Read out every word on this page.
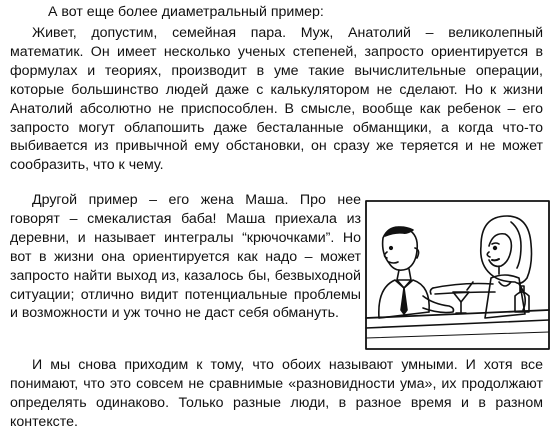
А вот еще более диаметральный пример:

Живет, допустим, семейная пара. Муж, Анатолий – великолепный математик. Он имеет несколько ученых степеней, запросто ориентируется в формулах и теориях, производит в уме такие вычислительные операции, которые большинство людей даже с калькулятором не сделают. Но к жизни Анатолий абсолютно не приспособлен. В смысле, вообще как ребенок – его запросто могут облапошить даже бесталанные обманщики, а когда что-то выбивается из привычной ему обстановки, он сразу же теряется и не может сообразить, что к чему.

Другой пример – его жена Маша. Про нее говорят – смекалистая баба! Маша приехала из деревни, и называет интегралы “крючочками”. Но вот в жизни она ориентируется как надо – может запросто найти выход из, казалось бы, безвыходной ситуации; отлично видит потенциальные проблемы и возможности и уж точно не даст себя обмануть.

И мы снова приходим к тому, что обоих называют умными. И хотя все понимают, что это совсем не сравнимые «разновидности ума», их продолжают определять одинаково. Только разные люди, в разное время и в разном контексте.
